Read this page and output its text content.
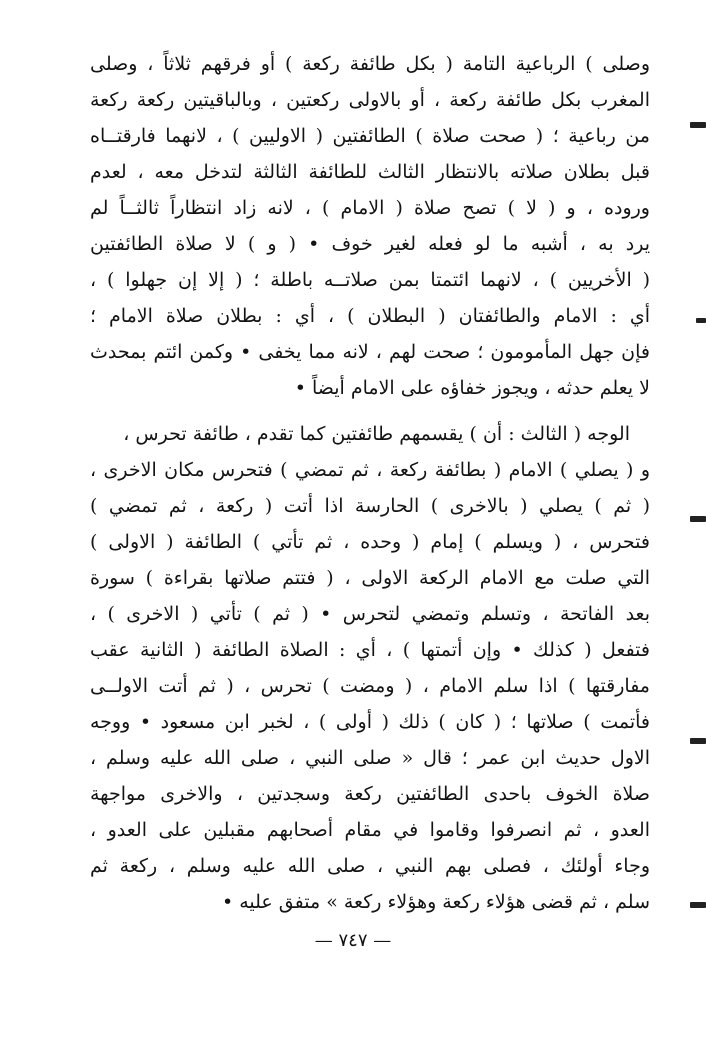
وصلى ) الرباعية التامة ( بكل طائفة ركعة ) أو فرقهم ثلاثاً ، وصلى
المغرب بكل طائفة ركعة ، أو بالاولى ركعتين ، وبالباقيتين ركعة ركعة
من رباعية ؛ ( صحت صلاة ) الطائفتين ( الاوليين ) ، لانهما فارقتــاه
قبل بطلان صلاته بالانتظار الثالث للطائفة الثالثة لتدخل معه ، لعدم
وروده ، و ( لا ) تصح صلاة ( الامام ) ، لانه زاد انتظاراً ثالثــاً لم
يرد به ، أشبه ما لو فعله لغير خوف • ( و ) لا صلاة الطائفتين
( الأخريين ) ، لانهما ائتمتا بمن صلاتــه باطلة ؛ ( إلا إن جهلوا ) ،
أي : الامام والطائفتان ( البطلان ) ، أي : بطلان صلاة الامام ؛
فإن جهل المأمومون ؛ صحت لهم ، لانه مما يخفى • وكمن ائتم بمحدث
لا يعلم حدثه ، ويجوز خفاؤه على الامام أيضاً •
الوجه ( الثالث : أن ) يقسمهم طائفتين كما تقدم ، طائفة تحرس ،
و ( يصلي ) الامام ( بطائفة ركعة ، ثم تمضي ) فتحرس مكان الاخرى ،
( ثم ) يصلي ( بالاخرى ) الحارسة اذا أتت ( ركعة ، ثم تمضي )
فتحرس ، ( ويسلم ) إمام ( وحده ، ثم تأتي ) الطائفة ( الاولى )
التي صلت مع الامام الركعة الاولى ، ( فتتم صلاتها بقراءة ) سورة
بعد الفاتحة ، وتسلم وتمضي لتحرس • ( ثم ) تأتي ( الاخرى ) ،
فتفعل ( كذلك • وإن أتمتها ) ، أي : الصلاة الطائفة ( الثانية عقب
مفارقتها ) اذا سلم الامام ، ( ومضت ) تحرس ، ( ثم أتت الاولــى
فأتمت ) صلاتها ؛ ( كان ) ذلك ( أولى ) ، لخبر ابن مسعود • ووجه
الاول حديث ابن عمر ؛ قال « صلى النبي ، صلى الله عليه وسلم ،
صلاة الخوف باحدى الطائفتين ركعة وسجدتين ، والاخرى مواجهة
العدو ، ثم انصرفوا وقاموا في مقام أصحابهم مقبلين على العدو ،
وجاء أولئك ، فصلى بهم النبي ، صلى الله عليه وسلم ، ركعة ثم
سلم ، ثم قضى هؤلاء ركعة وهؤلاء ركعة » متفق عليه •
— ٧٤٧ —
